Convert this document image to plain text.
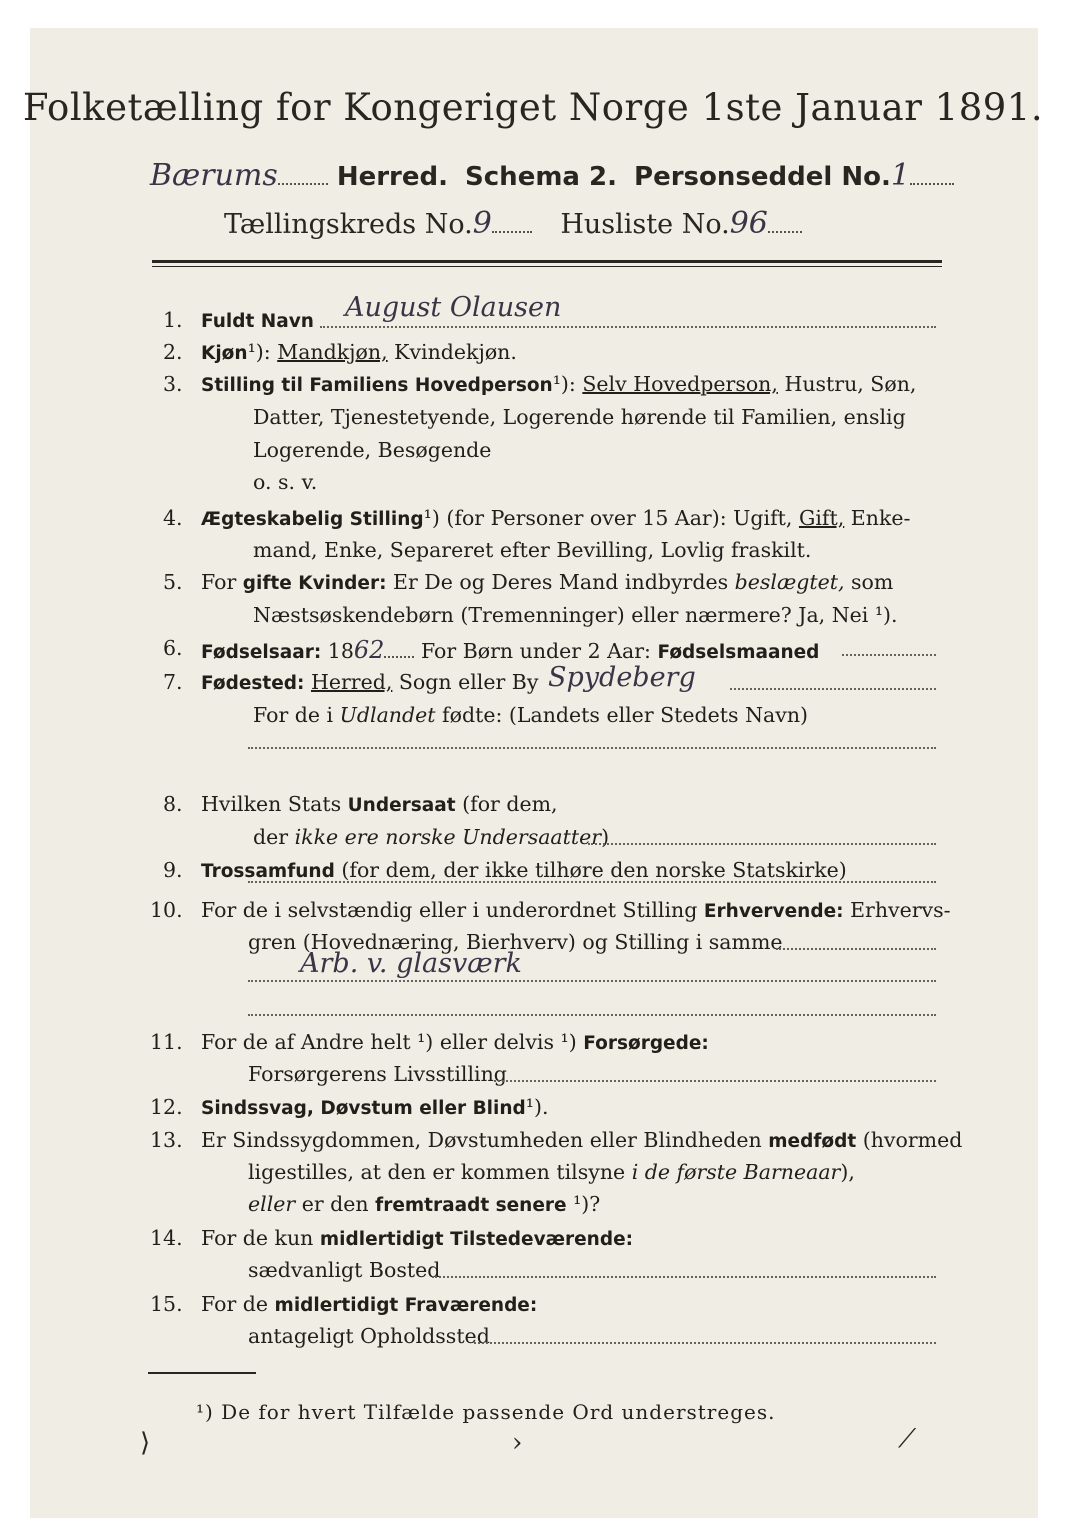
Folketælling for Kongeriget Norge 1ste Januar 1891.
Bærums Herred. Schema 2. Personseddel No.1
Tællingskreds No.9	Husliste No.96
1. Fuldt Navn August Olausen
2. Kjøn¹): Mandkjøn, Kvindekjøn.
3. Stilling til Familiens Hovedperson¹): Selv Hovedperson, Hustru, Søn,
Datter, Tjenestetyende, Logerende hørende til Familien, enslig
Logerende, Besøgende
o. s. v.
4. Ægteskabelig Stilling¹) (for Personer over 15 Aar): Ugift, Gift, Enke-
mand, Enke, Separeret efter Bevilling, Lovlig fraskilt.
5. For gifte Kvinder: Er De og Deres Mand indbyrdes beslægtet, som
Næstsøskendebørn (Tremenninger) eller nærmere? Ja, Nei ¹).
6. Fødselsaar: 1862 For Børn under 2 Aar: Fødselsmaaned
7. Fødested: Herred, Sogn eller By Spydeberg
For de i Udlandet fødte: (Landets eller Stedets Navn)
8. Hvilken Stats Undersaat (for dem,
der ikke ere norske Undersaatter)
9. Trossamfund (for dem, der ikke tilhøre den norske Statskirke)
10. For de i selvstændig eller i underordnet Stilling Erhvervende: Erhvervs-
gren (Hovednæring, Bierhverv) og Stilling i samme
Arb. v. glasværk
11. For de af Andre helt ¹) eller delvis ¹) Forsørgede:
Forsørgerens Livsstilling
12. Sindssvag, Døvstum eller Blind¹).
13. Er Sindssygdommen, Døvstumheden eller Blindheden medfødt (hvormed
ligestilles, at den er kommen tilsyne i de første Barneaar),
eller er den fremtraadt senere ¹)?
14. For de kun midlertidigt Tilstedeværende:
sædvanligt Bosted
15. For de midlertidigt Fraværende:
antageligt Opholdssted
¹) De for hvert Tilfælde passende Ord understreges.
⟩	›	⟋
